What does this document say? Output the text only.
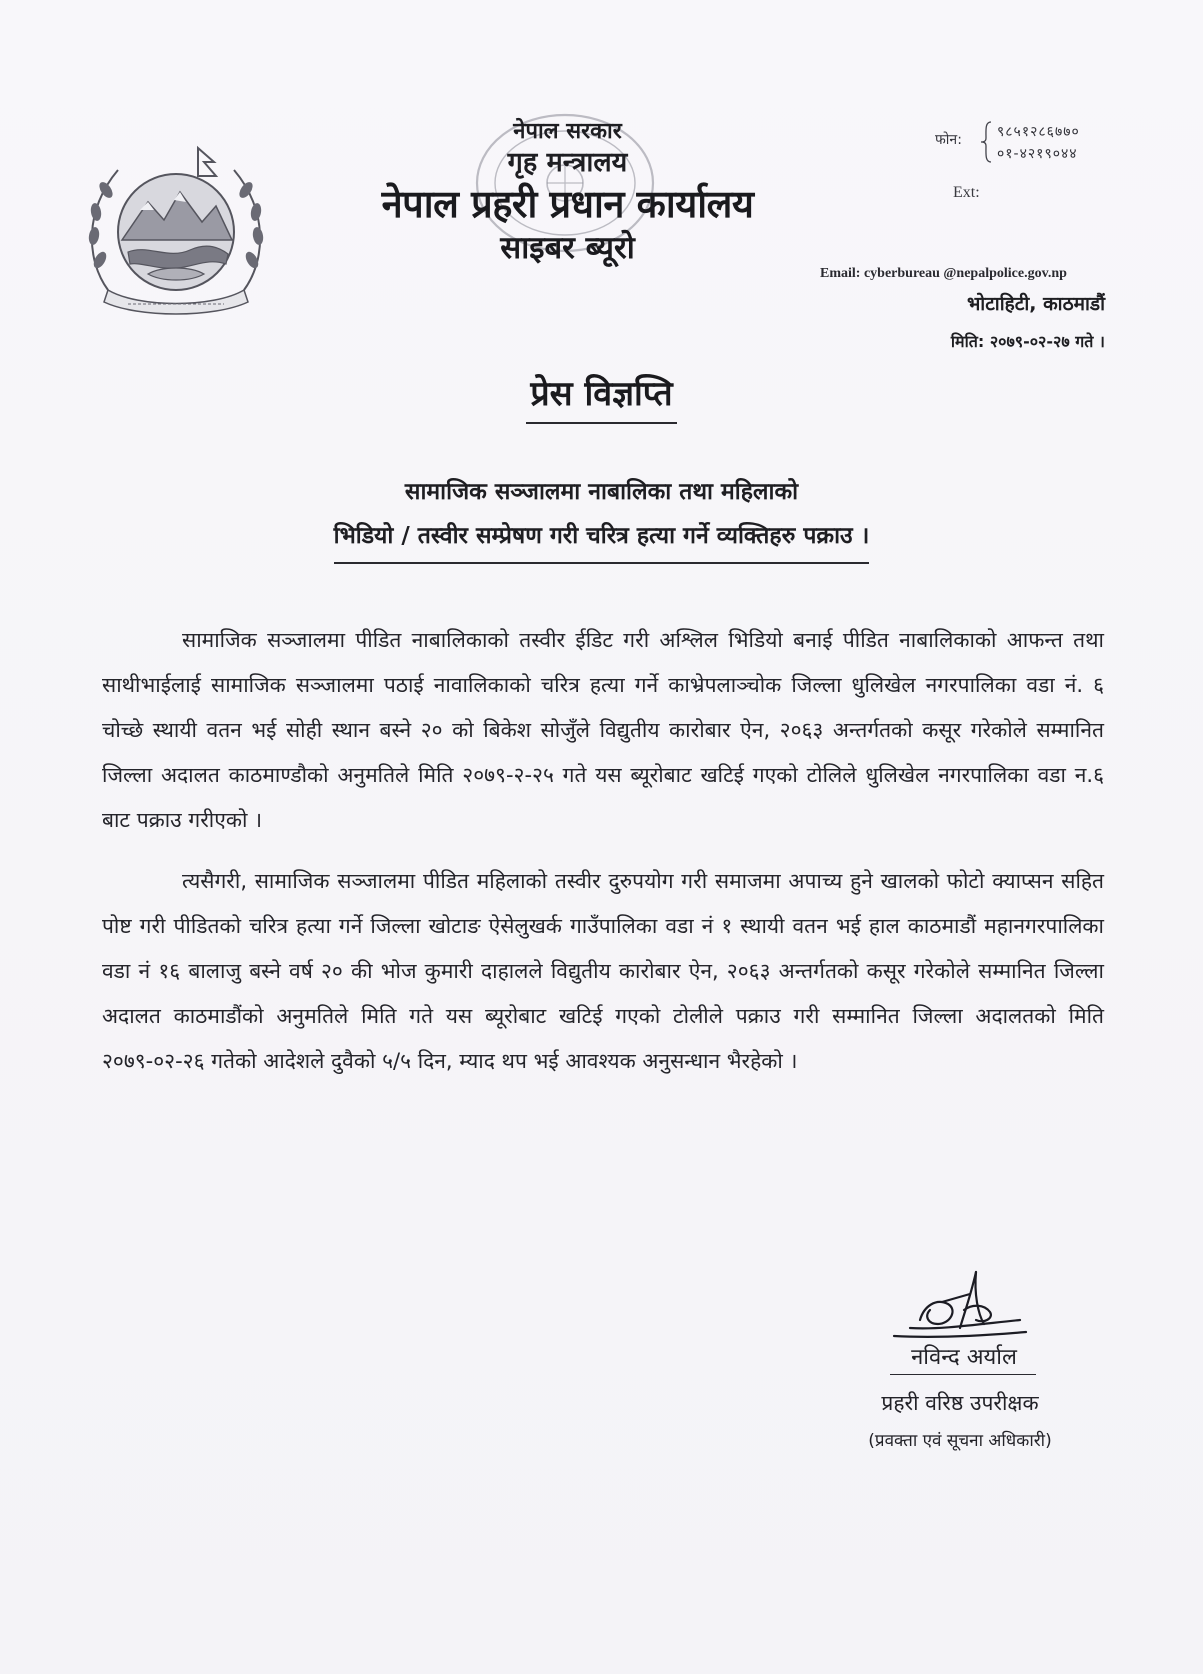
नेपाल सरकार
गृह मन्त्रालय
नेपाल प्रहरी प्रधान कार्यालय
साइबर ब्यूरो
फोन:	९८५१२८६७७०
०१-४२१९०४४
Ext:
Email: cyberbureau @nepalpolice.gov.np
भोटाहिटी, काठमाडौं
मिति: २०७९-०२-२७ गते ।
प्रेस विज्ञप्ति
सामाजिक सञ्जालमा नाबालिका तथा महिलाको
भिडियो / तस्वीर सम्प्रेषण गरी चरित्र हत्या गर्ने व्यक्तिहरु पक्राउ ।

सामाजिक सञ्जालमा पीडित नाबालिकाको तस्वीर ईडिट गरी अश्लिल भिडियो बनाई पीडित नाबालिकाको आफन्त तथा साथीभाईलाई सामाजिक सञ्जालमा पठाई नावालिकाको चरित्र हत्या गर्ने काभ्रेपलाञ्चोक जिल्ला धुलिखेल नगरपालिका वडा नं. ६ चोच्छे स्थायी वतन भई सोही स्थान बस्ने २० को बिकेश सोजुँले विद्युतीय कारोबार ऐन, २०६३ अन्तर्गतको कसूर गरेकोले सम्मानित जिल्ला अदालत काठमाण्डौको अनुमतिले मिति २०७९-२-२५ गते यस ब्यूरोबाट खटिई गएको टोलिले धुलिखेल नगरपालिका वडा न.६ बाट पक्राउ गरीएको ।

त्यसैगरी, सामाजिक सञ्जालमा पीडित महिलाको तस्वीर दुरुपयोग गरी समाजमा अपाच्य हुने खालको फोटो क्याप्सन सहित पोष्ट गरी पीडितको चरित्र हत्या गर्ने जिल्ला खोटाङ ऐसेलुखर्क गाउँपालिका वडा नं १ स्थायी वतन भई हाल काठमाडौं महानगरपालिका वडा नं १६ बालाजु बस्ने वर्ष २० की भोज कुमारी दाहालले विद्युतीय कारोबार ऐन, २०६३ अन्तर्गतको कसूर गरेकोले सम्मानित जिल्ला अदालत काठमाडौंको अनुमतिले मिति गते यस ब्यूरोबाट खटिई गएको टोलीले पक्राउ गरी सम्मानित जिल्ला अदालतको मिति २०७९-०२-२६ गतेको आदेशले दुवैको ५/५ दिन, म्याद थप भई आवश्यक अनुसन्धान भैरहेको ।

नविन्द अर्याल
प्रहरी वरिष्ठ उपरीक्षक
(प्रवक्ता एवं सूचना अधिकारी)
